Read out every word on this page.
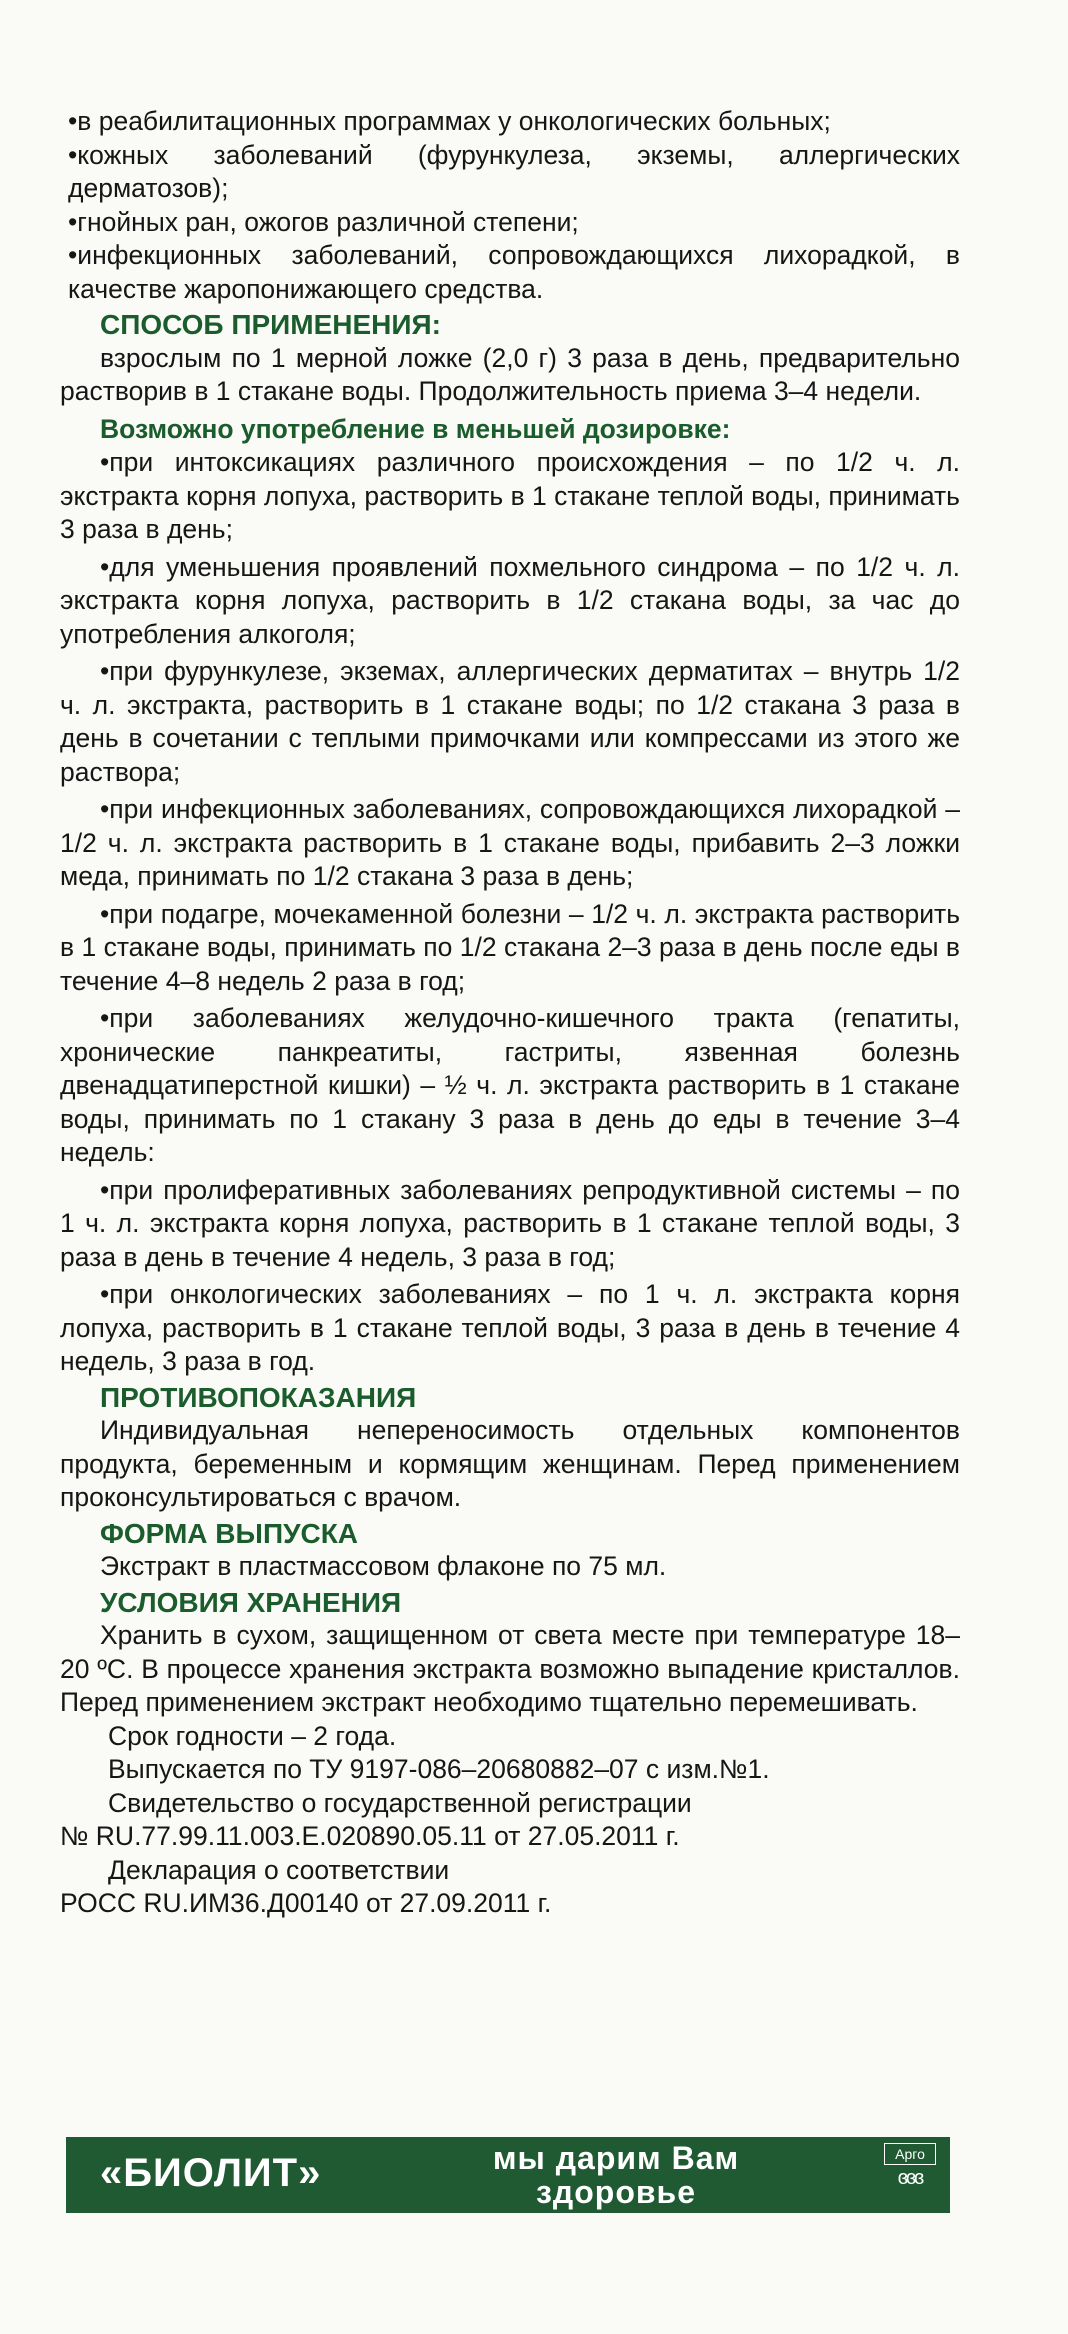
•в реабилитационных программах у онкологических больных;

•кожных заболеваний (фурункулеза, экземы, аллергических дерматозов);

•гнойных ран, ожогов различной степени;

•инфекционных заболеваний, сопровождающихся лихорадкой, в качестве жаропонижающего средства.

СПОСОБ ПРИМЕНЕНИЯ:

взрослым по 1 мерной ложке (2,0 г) 3 раза в день, предварительно растворив в 1 стакане воды. Продолжительность приема 3–4 недели.

Возможно употребление в меньшей дозировке:

•при интоксикациях различного происхождения – по 1/2 ч. л. экстракта корня лопуха, растворить в 1 стакане теплой воды, принимать 3 раза в день;

•для уменьшения проявлений похмельного синдрома – по 1/2 ч. л. экстракта корня лопуха, растворить в 1/2 стакана воды, за час до употребления алкоголя;

•при фурункулезе, экземах, аллергических дерматитах – внутрь 1/2 ч. л. экстракта, растворить в 1 стакане воды; по 1/2 стакана 3 раза в день в сочетании с теплыми примочками или компрессами из этого же раствора;

•при инфекционных заболеваниях, сопровождающихся лихорадкой – 1/2 ч. л. экстракта растворить в 1 стакане воды, прибавить 2–3 ложки меда, принимать по 1/2 стакана 3 раза в день;

•при подагре, мочекаменной болезни – 1/2 ч. л. экстракта растворить в 1 стакане воды, принимать по 1/2 стакана 2–3 раза в день после еды в течение 4–8 недель 2 раза в год;

•при заболеваниях желудочно-кишечного тракта (гепатиты, хронические панкреатиты, гастриты, язвенная болезнь двенадцатиперстной кишки) – ½ ч. л. экстракта растворить в 1 стакане воды, принимать по 1 стакану 3 раза в день до еды в течение 3–4 недель:

•при пролиферативных заболеваниях репродуктивной системы – по 1 ч. л. экстракта корня лопуха, растворить в 1 стакане теплой воды, 3 раза в день в течение 4 недель, 3 раза в год;

•при онкологических заболеваниях – по 1 ч. л. экстракта корня лопуха, растворить в 1 стакане теплой воды, 3 раза в день в течение 4 недель, 3 раза в год.

ПРОТИВОПОКАЗАНИЯ

Индивидуальная непереносимость отдельных компонентов продукта, беременным и кормящим женщинам. Перед применением проконсультироваться с врачом.

ФОРМА ВЫПУСКА

Экстракт в пластмассовом флаконе по 75 мл.

УСЛОВИЯ ХРАНЕНИЯ

Хранить в сухом, защищенном от света месте при температуре 18–20 ºС. В процессе хранения экстракта возможно выпадение кристаллов. Перед применением экстракт необходимо тщательно перемешивать.

Срок годности – 2 года.

Выпускается по ТУ 9197-086–20680882–07 с изм.№1.

Свидетельство о государственной регистрации

№ RU.77.99.11.003.Е.020890.05.11 от 27.05.2011 г.

Декларация о соответствии

РОСС RU.ИМ36.Д00140 от 27.09.2011 г.

«БИОЛИТ»	мы дарим Вам
здоровье
Арго
ɞɞɞ
